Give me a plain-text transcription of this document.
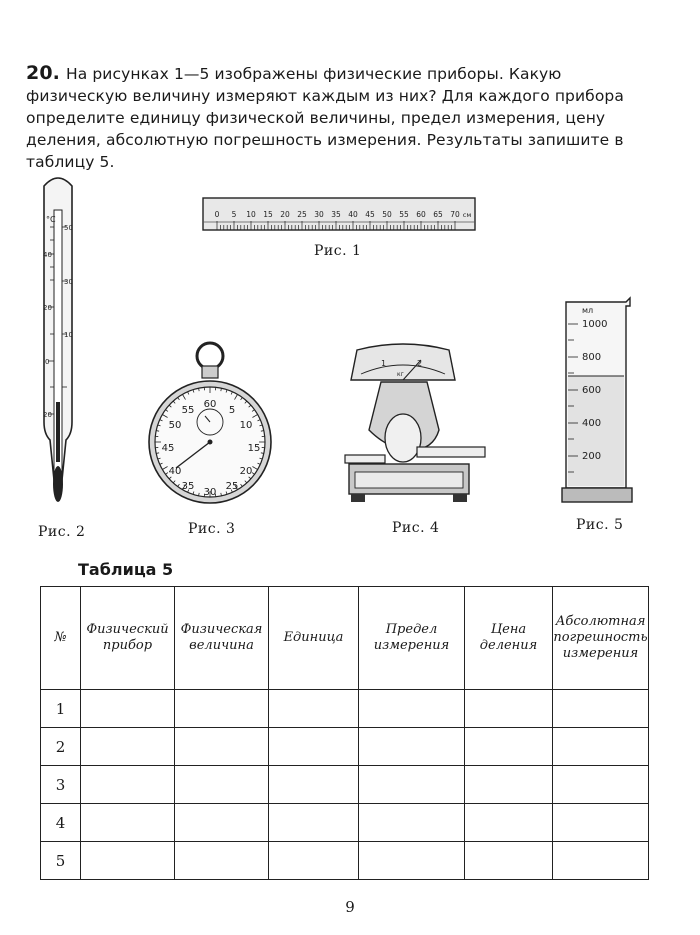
20. На рисунках 1—5 изображены физические приборы. Какую физическую величину измеряют каждым из них? Для каждого прибора определите единицу физической величины, предел измерения, цену деления, абсолютную погрешность измерения. Результаты запишите в таблицу 5.
°C
40
20
0
20
50
30
10
0 5 10 15 20 25 30 35 40 45 50 55 60 65 70 см
Рис. 1
60
5
10
15
20
25
30
35
40
45
50
55
1	2
кг
мл
1000
800
600
400
200
Рис. 2	Рис. 3	Рис. 4	Рис. 5
Таблица 5
№	Физический прибор	Физическая величина	Единица	Предел измерения	Цена деления	Абсолютная погрешность измерения
1						
2						
3						
4						
5						
9
